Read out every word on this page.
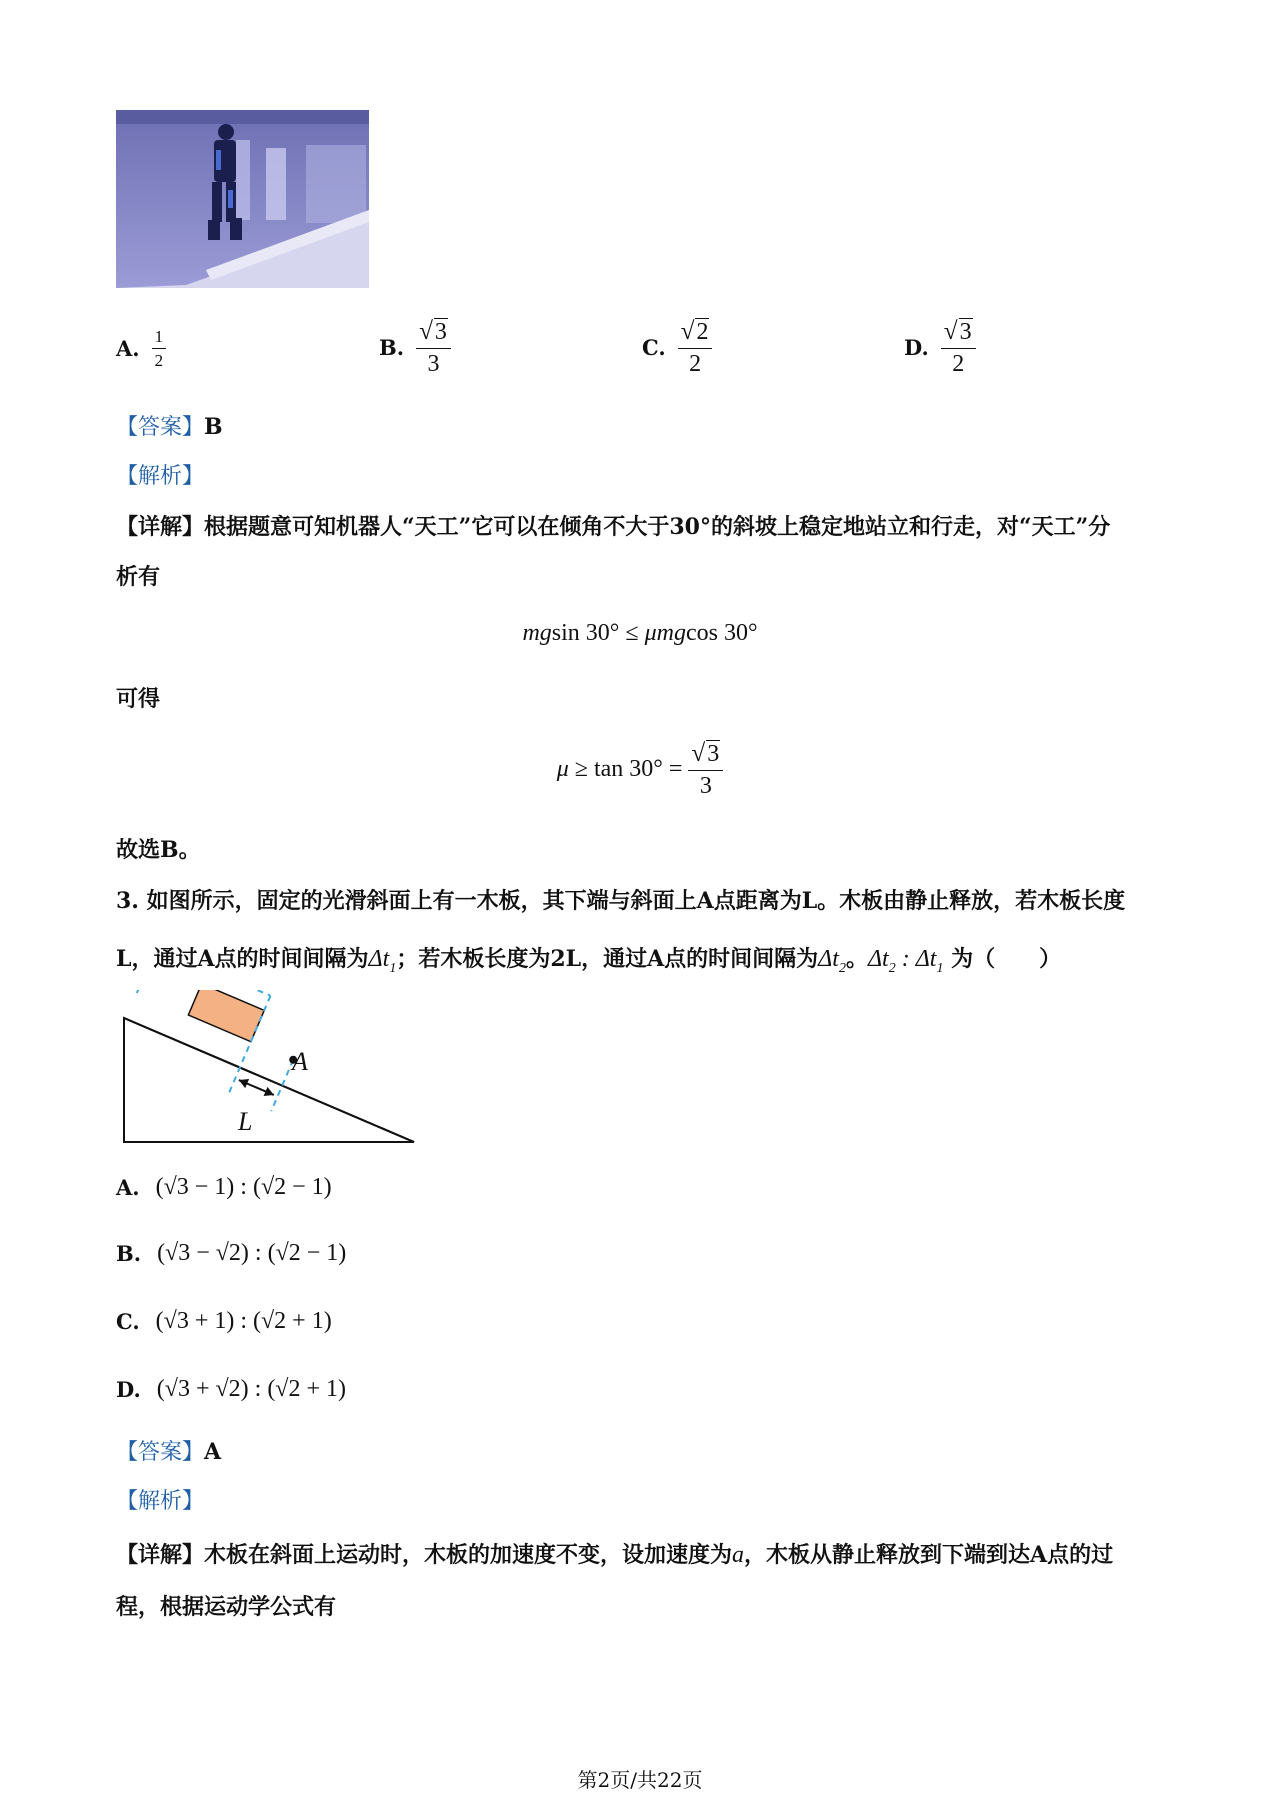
A. $\frac{1}{2}$	B. $\frac{√3}{3}$	C. $\frac{√2}{2}$	D. $\frac{√3}{2}$
【答案】B
【解析】
【详解】根据题意可知机器人“天工”它可以在倾角不大于30°的斜坡上稳定地站立和行走，对“天工”分
析有
mgsin 30° ≤ μmgcos 30°
可得
$\mu \ge \tan 30^\circ = \frac{√3}{3}$
故选B。
3. 如图所示，固定的光滑斜面上有一木板，其下端与斜面上A点距离为L。木板由静止释放，若木板长度
L，通过A点的时间间隔为$\Delta t_1$；若木板长度为2L，通过A点的时间间隔为$\Delta t_2$。$\Delta t_2$ : $\Delta t_1$ 为（　　）
A
L
A. (√3 − 1) : (√2 − 1)
B. (√3 − √2) : (√2 − 1)
C. (√3 + 1) : (√2 + 1)
D. (√3 + √2) : (√2 + 1)
【答案】A
【解析】
【详解】木板在斜面上运动时，木板的加速度不变，设加速度为a，木板从静止释放到下端到达A点的过
程，根据运动学公式有
第2页/共22页
